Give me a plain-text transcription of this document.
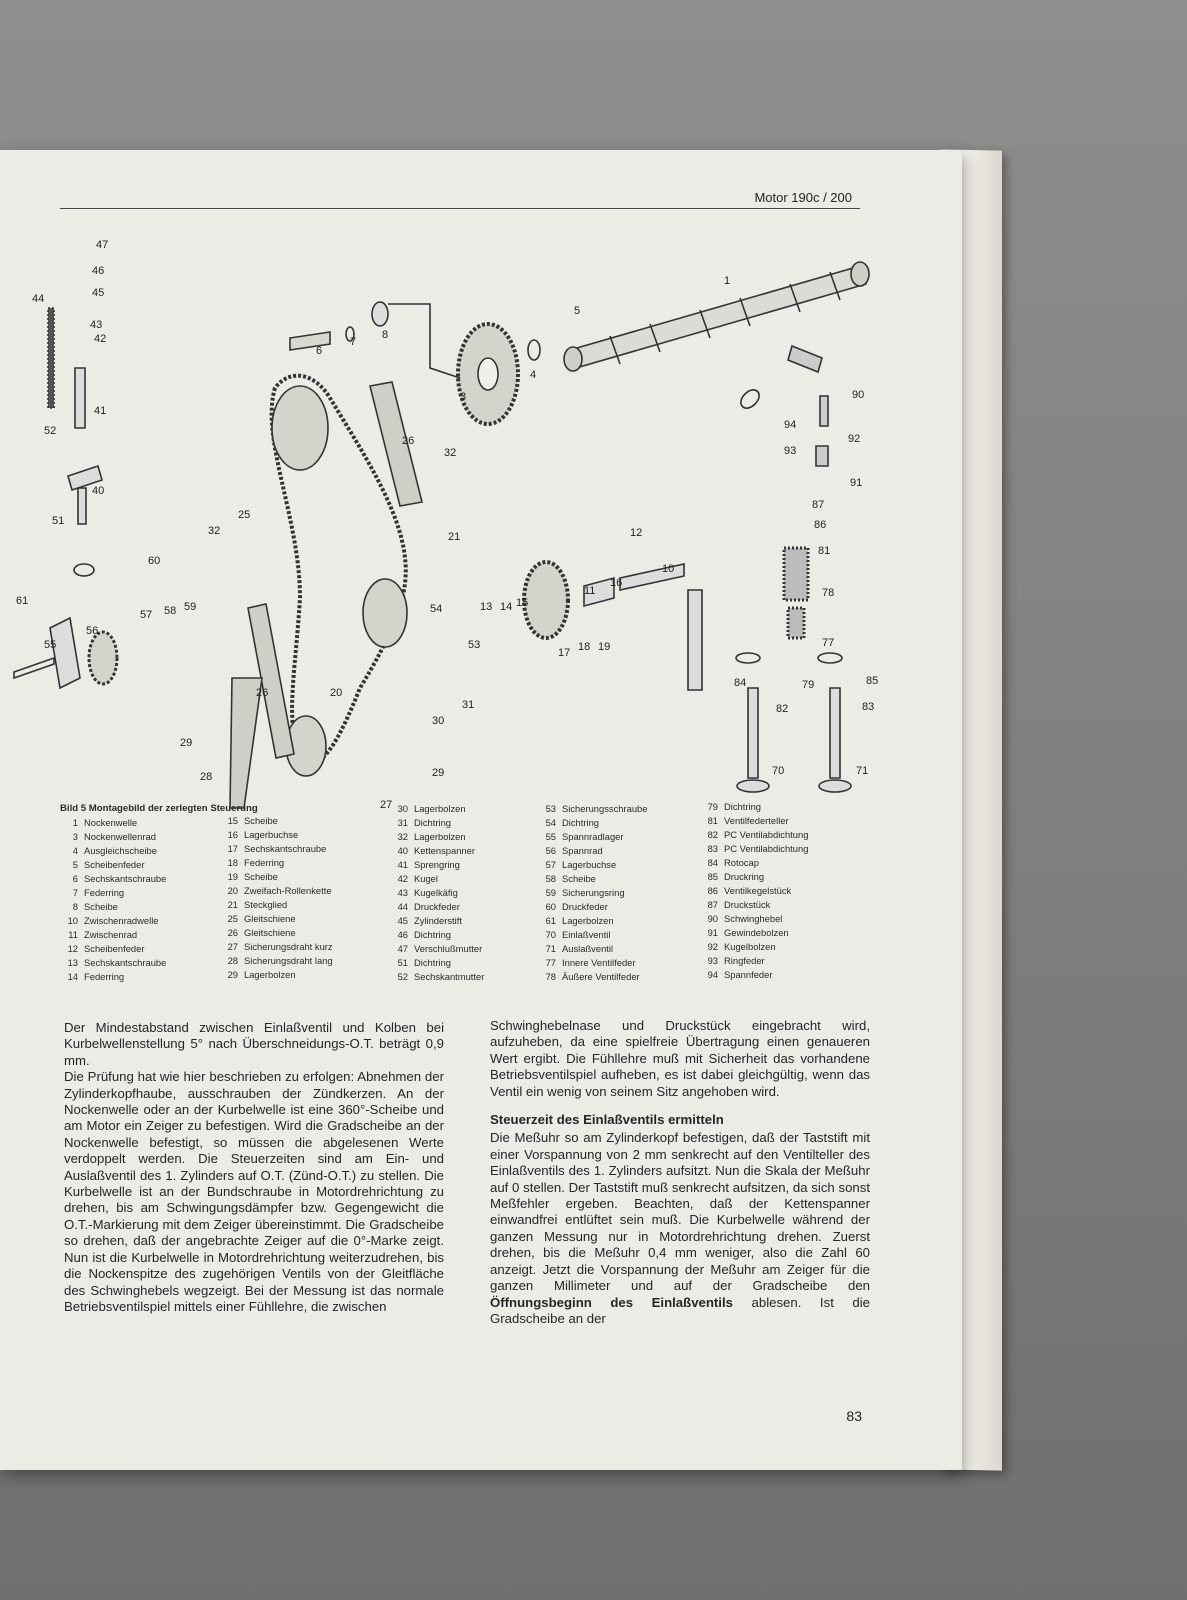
Motor 190c / 200
1
3
4
5
6
7
8
10
11
12
13 14 15
16
17 18 19
20
21
25
26
26
27
28
29
29
30
31
32
32
40
41
42
43
44	45
46
47
51
52
53
54
55
56
57 58 59
60
61
70	71
77
78
79
81
82	83
84	85
86
87
90
91
92
93
94
Bild 5 Montagebild der zerlegten Steuerung
1 Nockenwelle
3 Nockenwellenrad
4 Ausgleichscheibe
5 Scheibenfeder
6 Sechskantschraube
7 Federring
8 Scheibe
10 Zwischenradwelle
11 Zwischenrad
12 Scheibenfeder
13 Sechskantschraube
14 Federring
15 Scheibe
16 Lagerbuchse
17 Sechskantschraube
18 Federring
19 Scheibe
20 Zweifach-Rollenkette
21 Steckglied
25 Gleitschiene
26 Gleitschiene
27 Sicherungsdraht kurz
28 Sicherungsdraht lang
29 Lagerbolzen
30 Lagerbolzen
31 Dichtring
32 Lagerbolzen
40 Kettenspanner
41 Sprengring
42 Kugel
43 Kugelkäfig
44 Druckfeder
45 Zylinderstift
46 Dichtring
47 Verschlußmutter
51 Dichtring
52 Sechskantmutter
53 Sicherungsschraube
54 Dichtring
55 Spannradlager
56 Spannrad
57 Lagerbuchse
58 Scheibe
59 Sicherungsring
60 Druckfeder
61 Lagerbolzen
70 Einlaßventil
71 Auslaßventil
77 Innere Ventilfeder
78 Äußere Ventilfeder
79 Dichtring
81 Ventilfederteller
82 PC Ventilabdichtung
83 PC Ventilabdichtung
84 Rotocap
85 Druckring
86 Ventilkegelstück
87 Druckstück
90 Schwinghebel
91 Gewindebolzen
92 Kugelbolzen
93 Ringfeder
94 Spannfeder

Der Mindestabstand zwischen Einlaßventil und Kolben bei Kurbelwellenstellung 5° nach Überschneidungs-O.T. beträgt 0,9 mm.

Die Prüfung hat wie hier beschrieben zu erfolgen: Abnehmen der Zylinderkopfhaube, ausschrauben der Zündkerzen. An der Nockenwelle oder an der Kurbelwelle ist eine 360°-Scheibe und am Motor ein Zeiger zu befestigen. Wird die Gradscheibe an der Nockenwelle befestigt, so müssen die abgelesenen Werte verdoppelt werden. Die Steuerzeiten sind am Ein- und Auslaßventil des 1. Zylinders auf O.T. (Zünd-O.T.) zu stellen. Die Kurbelwelle ist an der Bundschraube in Motordrehrichtung zu drehen, bis am Schwingungsdämpfer bzw. Gegengewicht die O.T.-Markierung mit dem Zeiger übereinstimmt. Die Gradscheibe so drehen, daß der angebrachte Zeiger auf die 0°-Marke zeigt. Nun ist die Kurbelwelle in Motordrehrichtung weiterzudrehen, bis die Nockenspitze des zugehörigen Ventils von der Gleitfläche des Schwinghebels wegzeigt. Bei der Messung ist das normale Betriebsventilspiel mittels einer Fühllehre, die zwischen

Schwinghebelnase und Druckstück eingebracht wird, aufzuheben, da eine spielfreie Übertragung einen genaueren Wert ergibt. Die Fühllehre muß mit Sicherheit das vorhandene Betriebsventilspiel aufheben, es ist dabei gleichgültig, wenn das Ventil ein wenig von seinem Sitz angehoben wird.

Steuerzeit des Einlaßventils ermitteln

Die Meßuhr so am Zylinderkopf befestigen, daß der Taststift mit einer Vorspannung von 2 mm senkrecht auf den Ventilteller des Einlaßventils des 1. Zylinders aufsitzt. Nun die Skala der Meßuhr auf 0 stellen. Der Taststift muß senkrecht aufsitzen, da sich sonst Meßfehler ergeben. Beachten, daß der Kettenspanner einwandfrei entlüftet sein muß. Die Kurbelwelle während der ganzen Messung nur in Motordrehrichtung drehen. Zuerst drehen, bis die Meßuhr 0,4 mm weniger, also die Zahl 60 anzeigt. Jetzt die Vorspannung der Meßuhr am Zeiger für die ganzen Millimeter und auf der Gradscheibe den Öffnungsbeginn des Einlaßventils ablesen. Ist die Gradscheibe an der

83
